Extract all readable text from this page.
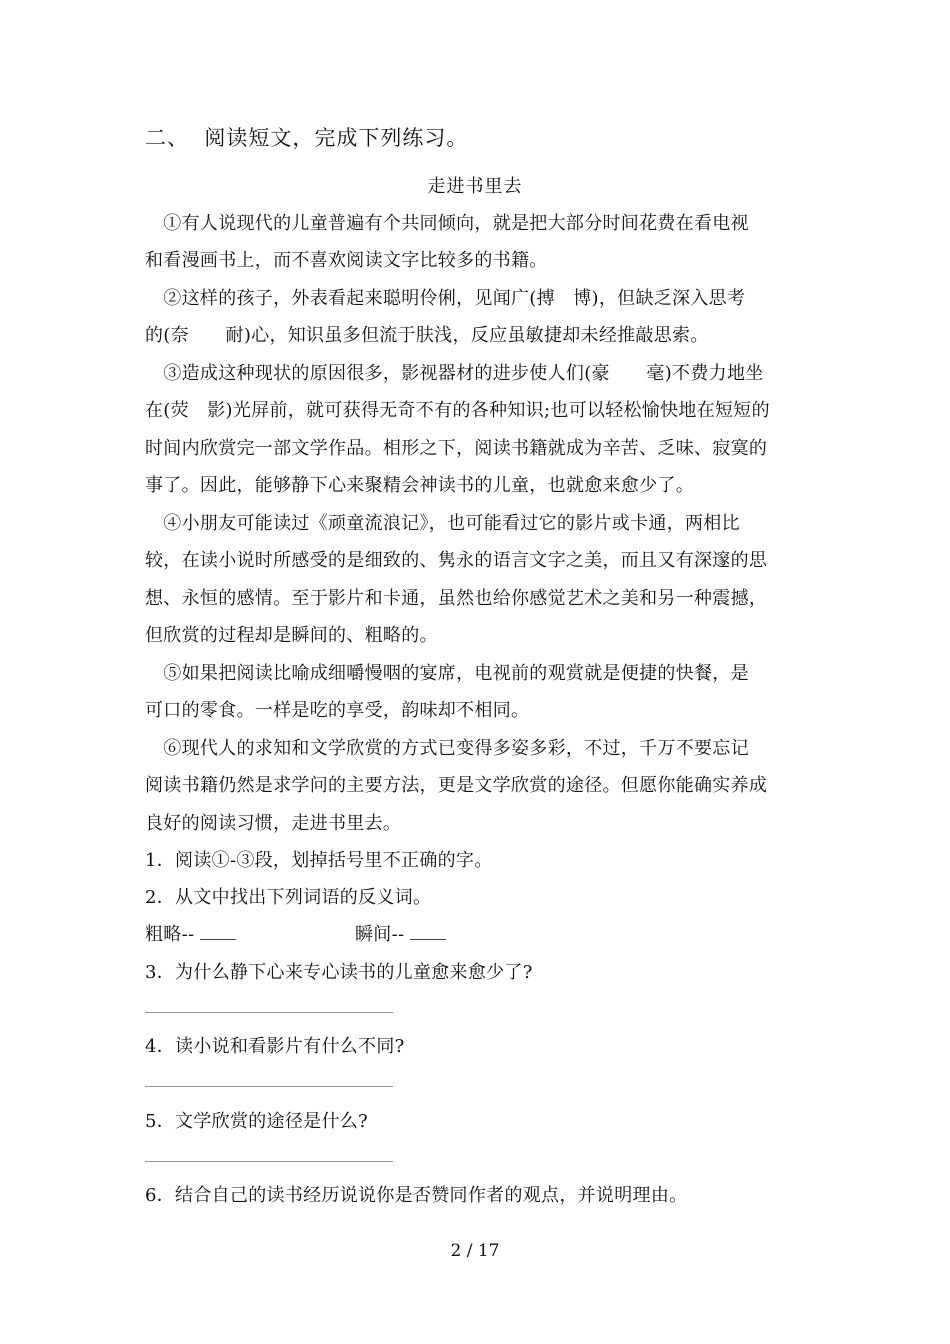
二、  阅读短文，完成下列练习。
走进书里去
　①有人说现代的儿童普遍有个共同倾向，就是把大部分时间花费在看电视
和看漫画书上，而不喜欢阅读文字比较多的书籍。
　②这样的孩子，外表看起来聪明伶俐，见闻广(搏　博)，但缺乏深入思考
的(奈　　耐)心，知识虽多但流于肤浅，反应虽敏捷却未经推敲思索。
　③造成这种现状的原因很多，影视器材的进步使人们(豪　　毫)不费力地坐
在(荧　影)光屏前，就可获得无奇不有的各种知识;也可以轻松愉快地在短短的
时间内欣赏完一部文学作品。相形之下，阅读书籍就成为辛苦、乏味、寂寞的
事了。因此，能够静下心来聚精会神读书的儿童，也就愈来愈少了。
　④小朋友可能读过《顽童流浪记》，也可能看过它的影片或卡通，两相比
较，在读小说时所感受的是细致的、隽永的语言文字之美，而且又有深邃的思
想、永恒的感情。至于影片和卡通，虽然也给你感觉艺术之美和另一种震撼，
但欣赏的过程却是瞬间的、粗略的。
　⑤如果把阅读比喻成细嚼慢咽的宴席，电视前的观赏就是便捷的快餐，是
可口的零食。一样是吃的享受，韵味却不相同。
　⑥现代人的求知和文学欣赏的方式已变得多姿多彩，不过，千万不要忘记
阅读书籍仍然是求学问的主要方法，更是文学欣赏的途径。但愿你能确实养成
良好的阅读习惯，走进书里去。
1．阅读①-③段，划掉括号里不正确的字。
2．从文中找出下列词语的反义词。
粗略--	瞬间--
3．为什么静下心来专心读书的儿童愈来愈少了?
4．读小说和看影片有什么不同?
5．文学欣赏的途径是什么?
6．结合自己的读书经历说说你是否赞同作者的观点，并说明理由。
2 / 17
